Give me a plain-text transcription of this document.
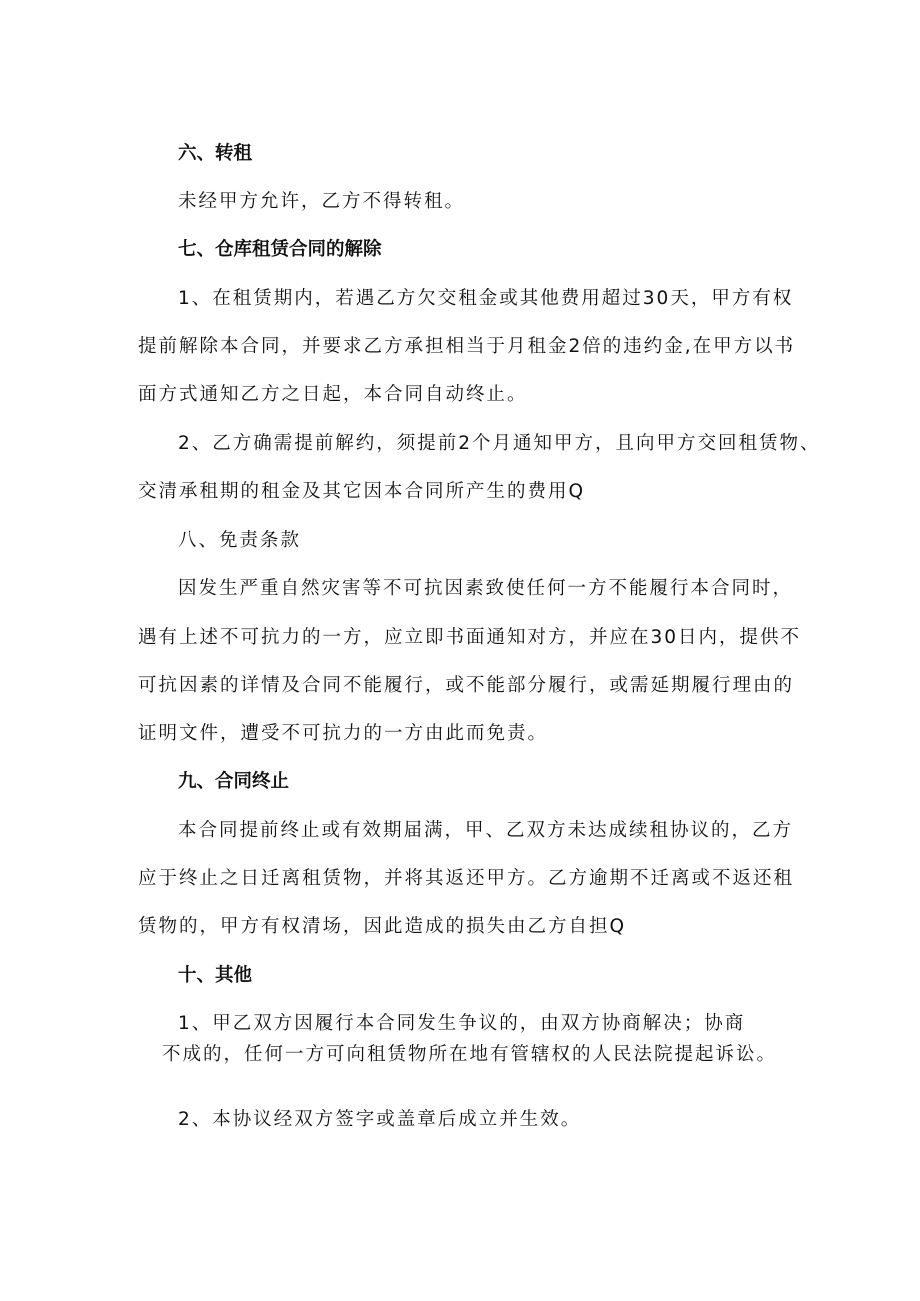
六、转租
未经甲方允许，乙方不得转租。
七、仓库租赁合同的解除
1、在租赁期内，若遇乙方欠交租金或其他费用超过30天，甲方有权
提前解除本合同，并要求乙方承担相当于月租金2倍的违约金,在甲方以书
面方式通知乙方之日起，本合同自动终止。
2、乙方确需提前解约，须提前2个月通知甲方，且向甲方交回租赁物、
交清承租期的租金及其它因本合同所产生的费用Q
八、免责条款
因发生严重自然灾害等不可抗因素致使任何一方不能履行本合同时，
遇有上述不可抗力的一方，应立即书面通知对方，并应在30日内，提供不
可抗因素的详情及合同不能履行，或不能部分履行，或需延期履行理由的
证明文件，遭受不可抗力的一方由此而免责。
九、合同终止
本合同提前终止或有效期届满，甲、乙双方未达成续租协议的，乙方
应于终止之日迁离租赁物，并将其返还甲方。乙方逾期不迁离或不返还租
赁物的，甲方有权清场，因此造成的损失由乙方自担Q
十、其他
1、甲乙双方因履行本合同发生争议的，由双方协商解决；协商
不成的，任何一方可向租赁物所在地有管辖权的人民法院提起诉讼。
2、本协议经双方签字或盖章后成立并生效。
